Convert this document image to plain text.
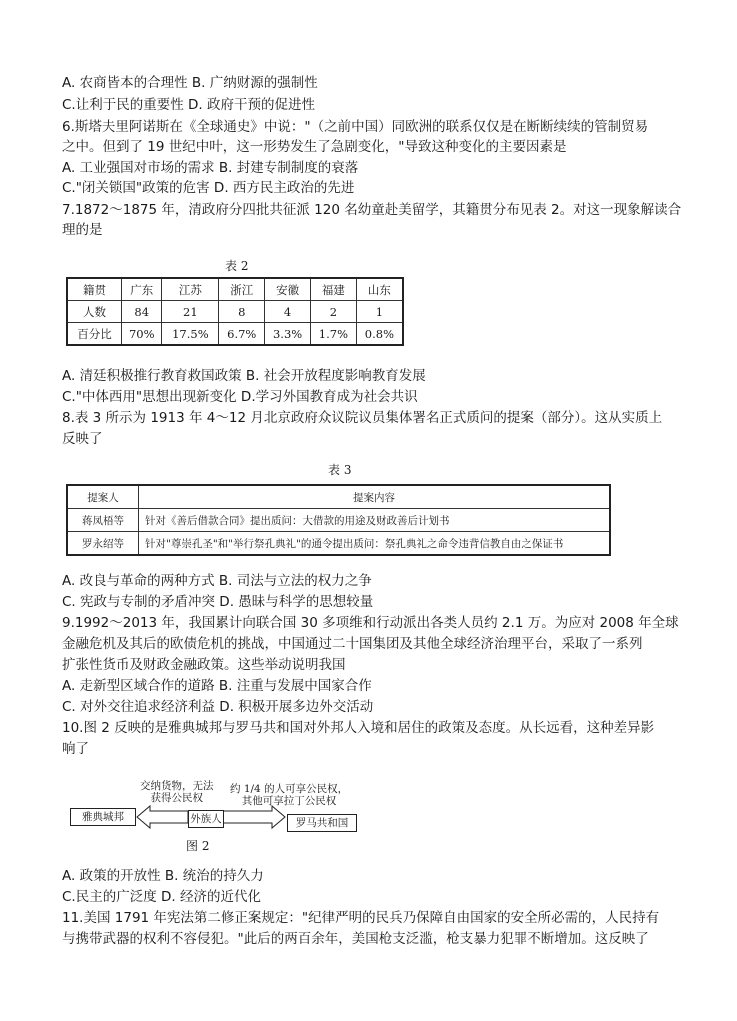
A. 农商皆本的合理性 B. 广纳财源的强制性
C.让利于民的重要性 D. 政府干预的促进性
6.斯塔夫里阿诺斯在《全球通史》中说："（之前中国）同欧洲的联系仅仅是在断断续续的管制贸易
之中。但到了 19 世纪中叶，这一形势发生了急剧变化，"导致这种变化的主要因素是
A. 工业强国对市场的需求 B. 封建专制制度的衰落
C."闭关锁国"政策的危害 D. 西方民主政治的先进
7.1872～1875 年，清政府分四批共征派 120 名幼童赴美留学，其籍贯分布见表 2。对这一现象解读合
理的是
表 2
籍贯	广东	江苏	浙江	安徽	福建	山东
人数	84	21	8	4	2	1
百分比	70%	17.5%	6.7%	3.3%	1.7%	0.8%
A. 清廷积极推行教育救国政策 B. 社会开放程度影响教育发展
C."中体西用"思想出现新变化 D.学习外国教育成为社会共识
8.表 3 所示为 1913 年 4～12 月北京政府众议院议员集体署名正式质问的提案（部分）。这从实质上
反映了
表 3
提案人	提案内容
蒋凤梧等	针对《善后借款合同》提出质问：大借款的用途及财政善后计划书
罗永绍等	针对"尊崇孔圣"和"举行祭孔典礼"的通令提出质问：祭孔典礼之命令违背信教自由之保证书
A. 改良与革命的两种方式 B. 司法与立法的权力之争
C. 宪政与专制的矛盾冲突 D. 愚昧与科学的思想较量
9.1992～2013 年，我国累计向联合国 30 多项维和行动派出各类人员约 2.1 万。为应对 2008 年全球
金融危机及其后的欧债危机的挑战，中国通过二十国集团及其他全球经济治理平台，采取了一系列
扩张性货币及财政金融政策。这些举动说明我国
A. 走新型区域合作的道路 B. 注重与发展中国家合作
C. 对外交往追求经济利益 D. 积极开展多边外交活动
10.图 2 反映的是雅典城邦与罗马共和国对外邦人入境和居住的政策及态度。从长远看，这种差异影
响了
雅典城邦	外族人	罗马共和国
交纳货物，无法
获得公民权
约 1/4 的人可享公民权，
其他可享拉丁公民权
图 2
A. 政策的开放性 B. 统治的持久力
C.民主的广泛度 D. 经济的近代化
11.美国 1791 年宪法第二修正案规定："纪律严明的民兵乃保障自由国家的安全所必需的，人民持有
与携带武器的权利不容侵犯。"此后的两百余年，美国枪支泛滥，枪支暴力犯罪不断增加。这反映了
